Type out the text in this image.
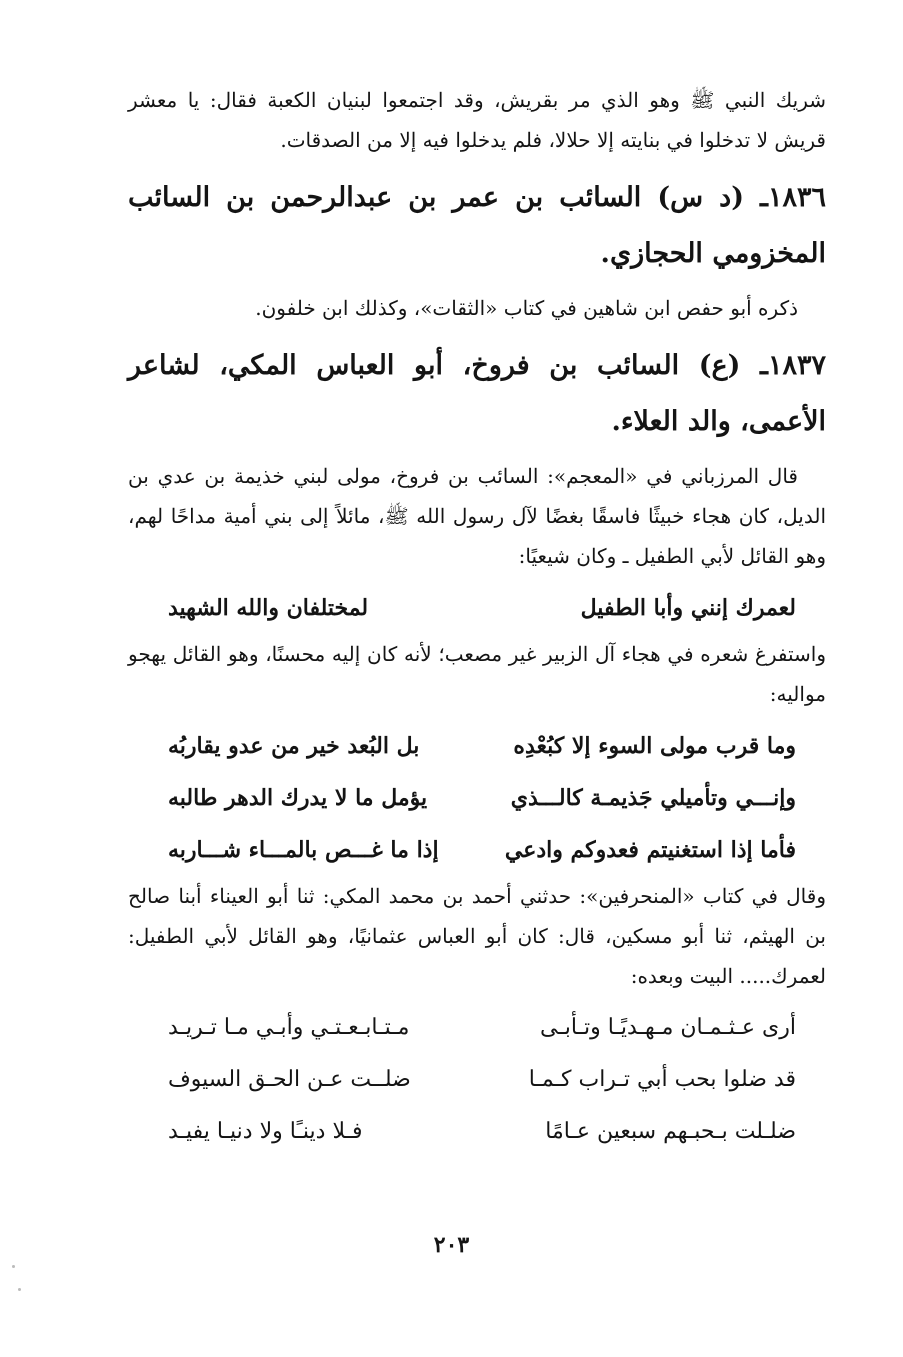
شريك النبي ﷺ وهو الذي مر بقريش، وقد اجتمعوا لبنيان الكعبة فقال: يا معشر قريش لا تدخلوا في بنايته إلا حلالا، فلم يدخلوا فيه إلا من الصدقات.

١٨٣٦ـ (د س) السائب بن عمر بن عبدالرحمن بن السائب المخزومي الحجازي.

ذكره أبو حفص ابن شاهين في كتاب «الثقات»، وكذلك ابن خلفون.

١٨٣٧ـ (ع) السائب بن فروخ، أبو العباس المكي، لشاعر الأعمى، والد العلاء.

قال المرزباني في «المعجم»: السائب بن فروخ، مولى لبني خذيمة بن عدي بن الديل، كان هجاء خبيثًا فاسقًا بغضًا لآل رسول الله ﷺ، مائلاً إلى بني أمية مداحًا لهم، وهو القائل لأبي الطفيل ـ وكان شيعيًا:

لعمرك إنني وأبا الطفيل
لمختلفان والله الشهيد

واستفرغ شعره في هجاء آل الزبير غير مصعب؛ لأنه كان إليه محسنًا، وهو القائل يهجو مواليه:

وما قرب مولى السوء إلا كبُعْدِه
بل البُعد خير من عدو يقاربُه
وإنـــي وتأميلي جَذيمـة كالـــذي
يؤمل ما لا يدرك الدهر طالبه
فأما إذا استغنيتم فعدوكم وادعي
إذا ما غـــص بالمـــاء شـــاربه

وقال في كتاب «المنحرفين»: حدثني أحمد بن محمد المكي: ثنا أبو العيناء أبنا صالح بن الهيثم، ثنا أبو مسكين، قال: كان أبو العباس عثمانيًا، وهو القائل لأبي الطفيل: لعمرك..... البيت وبعده:

أرى عـثـمـان مـهـديًـا وتـأبـى
مـتـابـعـتـي وأبـي مـا تـريـد
قد ضلوا بحب أبي تـراب كـمـا
ضلــت عـن الحـق السيوف
ضلـلت بـحبـهم سبعين عـامًا
فـلا دينـًا ولا دنيـا يفيـد
٢٠٣
